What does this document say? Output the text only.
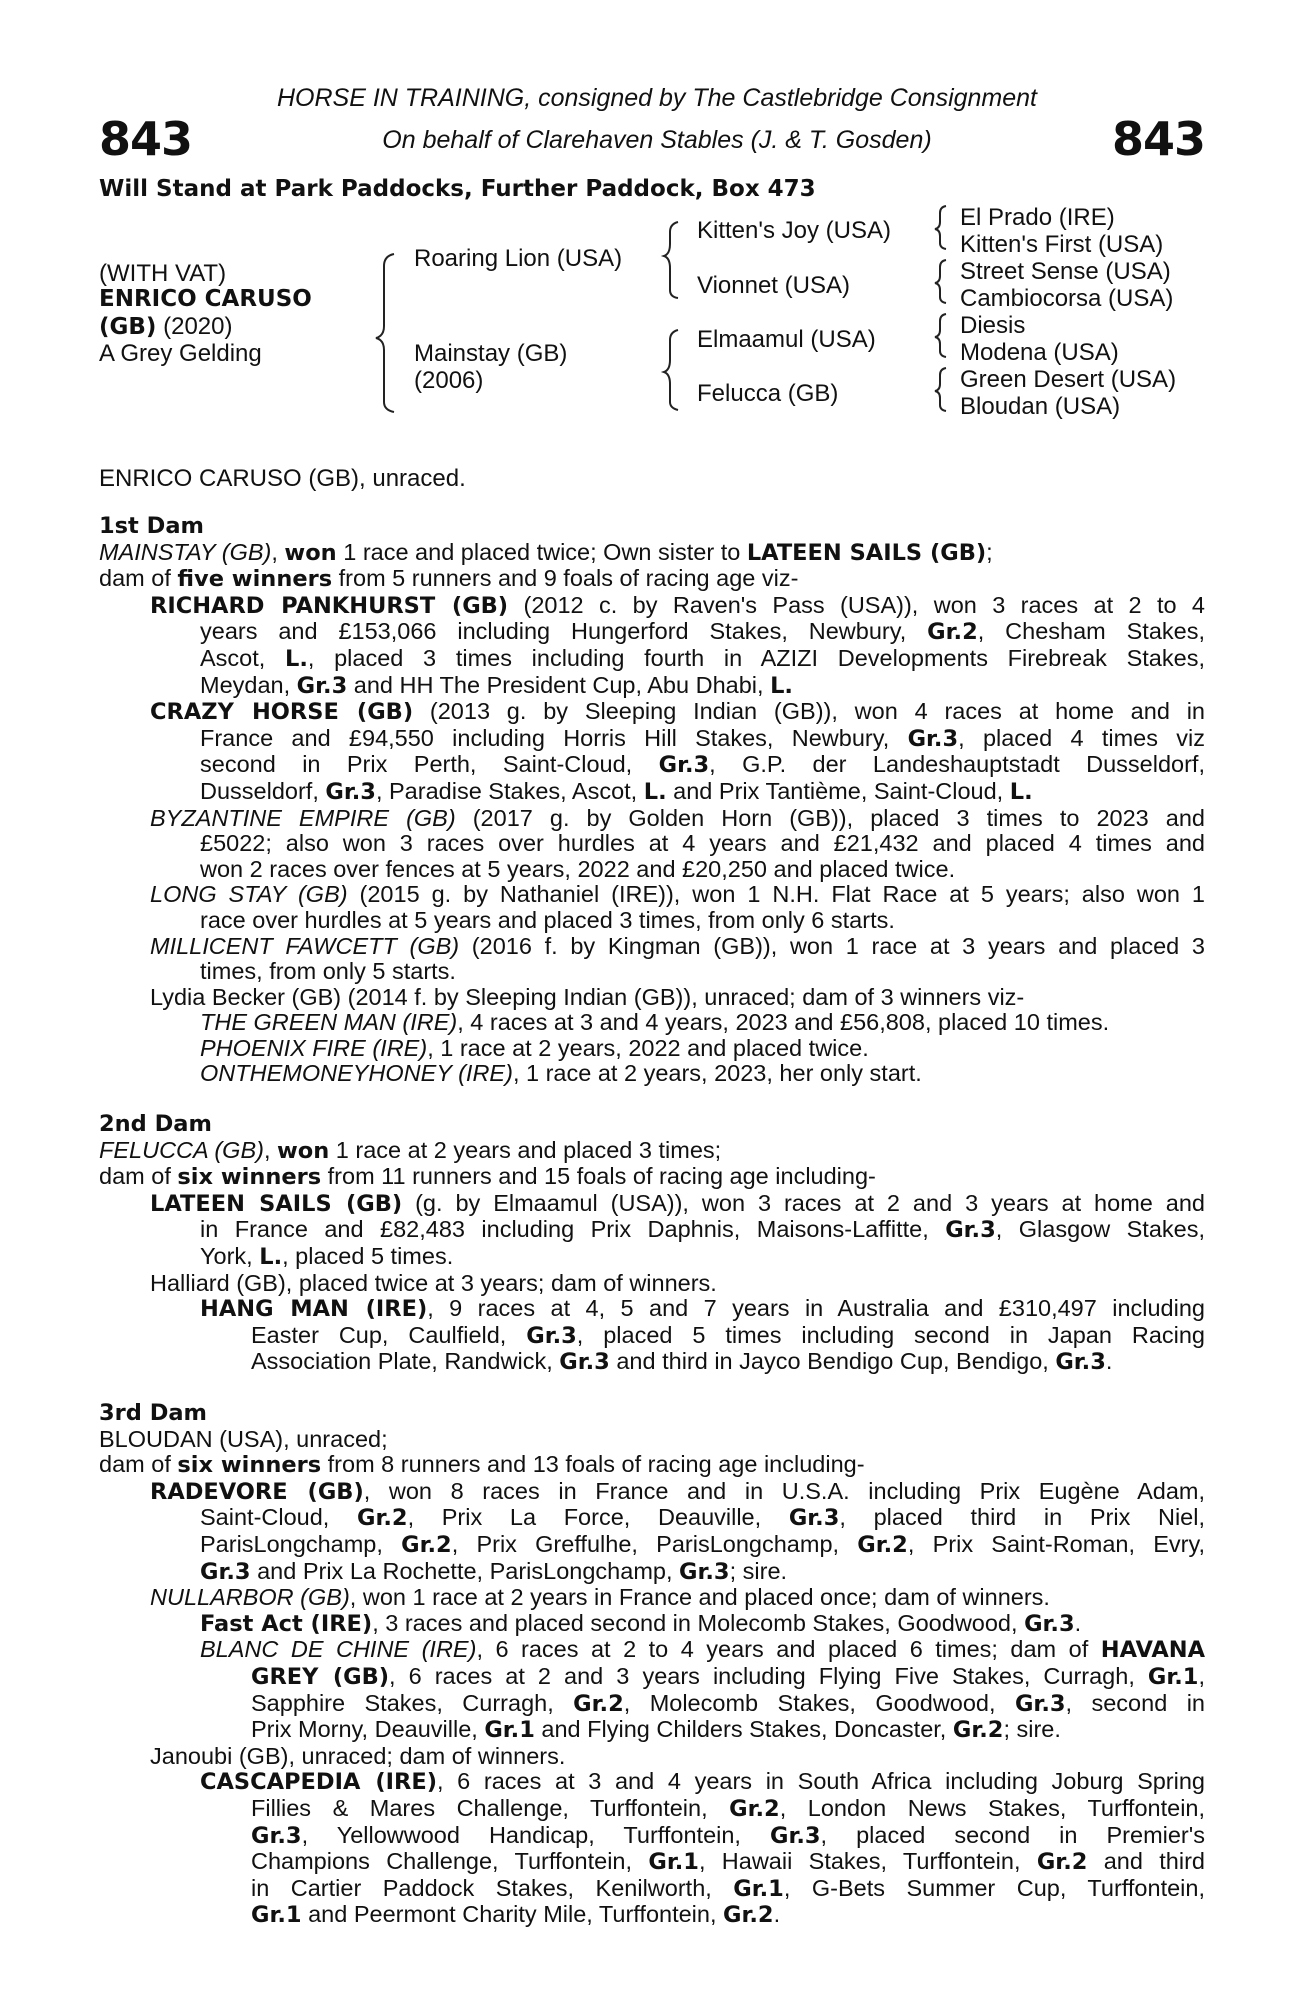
HORSE IN TRAINING, consigned by The Castlebridge Consignment
On behalf of Clarehaven Stables (J. & T. Gosden)
843	843
Will Stand at Park Paddocks, Further Paddock, Box 473
(WITH VAT)
ENRICO CARUSO
(GB) (2020)
A Grey Gelding
Roaring Lion (USA)
Mainstay (GB)
(2006)
Kitten's Joy (USA)
Vionnet (USA)
Elmaamul (USA)
Felucca (GB)
El Prado (IRE)
Kitten's First (USA)
Street Sense (USA)
Cambiocorsa (USA)
Diesis
Modena (USA)
Green Desert (USA)
Bloudan (USA)
ENRICO CARUSO (GB), unraced.
1st Dam
MAINSTAY (GB), won 1 race and placed twice; Own sister to LATEEN SAILS (GB);
dam of five winners from 5 runners and 9 foals of racing age viz-
RICHARD PANKHURST (GB) (2012 c. by Raven's Pass (USA)), won 3 races at 2 to 4
years and £153,066 including Hungerford Stakes, Newbury, Gr.2, Chesham Stakes,
Ascot, L., placed 3 times including fourth in AZIZI Developments Firebreak Stakes,
Meydan, Gr.3 and HH The President Cup, Abu Dhabi, L.
CRAZY HORSE (GB) (2013 g. by Sleeping Indian (GB)), won 4 races at home and in
France and £94,550 including Horris Hill Stakes, Newbury, Gr.3, placed 4 times viz
second in Prix Perth, Saint-Cloud, Gr.3, G.P. der Landeshauptstadt Dusseldorf,
Dusseldorf, Gr.3, Paradise Stakes, Ascot, L. and Prix Tantième, Saint-Cloud, L.
BYZANTINE EMPIRE (GB) (2017 g. by Golden Horn (GB)), placed 3 times to 2023 and
£5022; also won 3 races over hurdles at 4 years and £21,432 and placed 4 times and
won 2 races over fences at 5 years, 2022 and £20,250 and placed twice.
LONG STAY (GB) (2015 g. by Nathaniel (IRE)), won 1 N.H. Flat Race at 5 years; also won 1
race over hurdles at 5 years and placed 3 times, from only 6 starts.
MILLICENT FAWCETT (GB) (2016 f. by Kingman (GB)), won 1 race at 3 years and placed 3
times, from only 5 starts.
Lydia Becker (GB) (2014 f. by Sleeping Indian (GB)), unraced; dam of 3 winners viz-
THE GREEN MAN (IRE), 4 races at 3 and 4 years, 2023 and £56,808, placed 10 times.
PHOENIX FIRE (IRE), 1 race at 2 years, 2022 and placed twice.
ONTHEMONEYHONEY (IRE), 1 race at 2 years, 2023, her only start.
2nd Dam
FELUCCA (GB), won 1 race at 2 years and placed 3 times;
dam of six winners from 11 runners and 15 foals of racing age including-
LATEEN SAILS (GB) (g. by Elmaamul (USA)), won 3 races at 2 and 3 years at home and
in France and £82,483 including Prix Daphnis, Maisons-Laffitte, Gr.3, Glasgow Stakes,
York, L., placed 5 times.
Halliard (GB), placed twice at 3 years; dam of winners.
HANG MAN (IRE), 9 races at 4, 5 and 7 years in Australia and £310,497 including
Easter Cup, Caulfield, Gr.3, placed 5 times including second in Japan Racing
Association Plate, Randwick, Gr.3 and third in Jayco Bendigo Cup, Bendigo, Gr.3.
3rd Dam
BLOUDAN (USA), unraced;
dam of six winners from 8 runners and 13 foals of racing age including-
RADEVORE (GB), won 8 races in France and in U.S.A. including Prix Eugène Adam,
Saint-Cloud, Gr.2, Prix La Force, Deauville, Gr.3, placed third in Prix Niel,
ParisLongchamp, Gr.2, Prix Greffulhe, ParisLongchamp, Gr.2, Prix Saint-Roman, Evry,
Gr.3 and Prix La Rochette, ParisLongchamp, Gr.3; sire.
NULLARBOR (GB), won 1 race at 2 years in France and placed once; dam of winners.
Fast Act (IRE), 3 races and placed second in Molecomb Stakes, Goodwood, Gr.3.
BLANC DE CHINE (IRE), 6 races at 2 to 4 years and placed 6 times; dam of HAVANA
GREY (GB), 6 races at 2 and 3 years including Flying Five Stakes, Curragh, Gr.1,
Sapphire Stakes, Curragh, Gr.2, Molecomb Stakes, Goodwood, Gr.3, second in
Prix Morny, Deauville, Gr.1 and Flying Childers Stakes, Doncaster, Gr.2; sire.
Janoubi (GB), unraced; dam of winners.
CASCAPEDIA (IRE), 6 races at 3 and 4 years in South Africa including Joburg Spring
Fillies & Mares Challenge, Turffontein, Gr.2, London News Stakes, Turffontein,
Gr.3, Yellowwood Handicap, Turffontein, Gr.3, placed second in Premier's
Champions Challenge, Turffontein, Gr.1, Hawaii Stakes, Turffontein, Gr.2 and third
in Cartier Paddock Stakes, Kenilworth, Gr.1, G-Bets Summer Cup, Turffontein,
Gr.1 and Peermont Charity Mile, Turffontein, Gr.2.
